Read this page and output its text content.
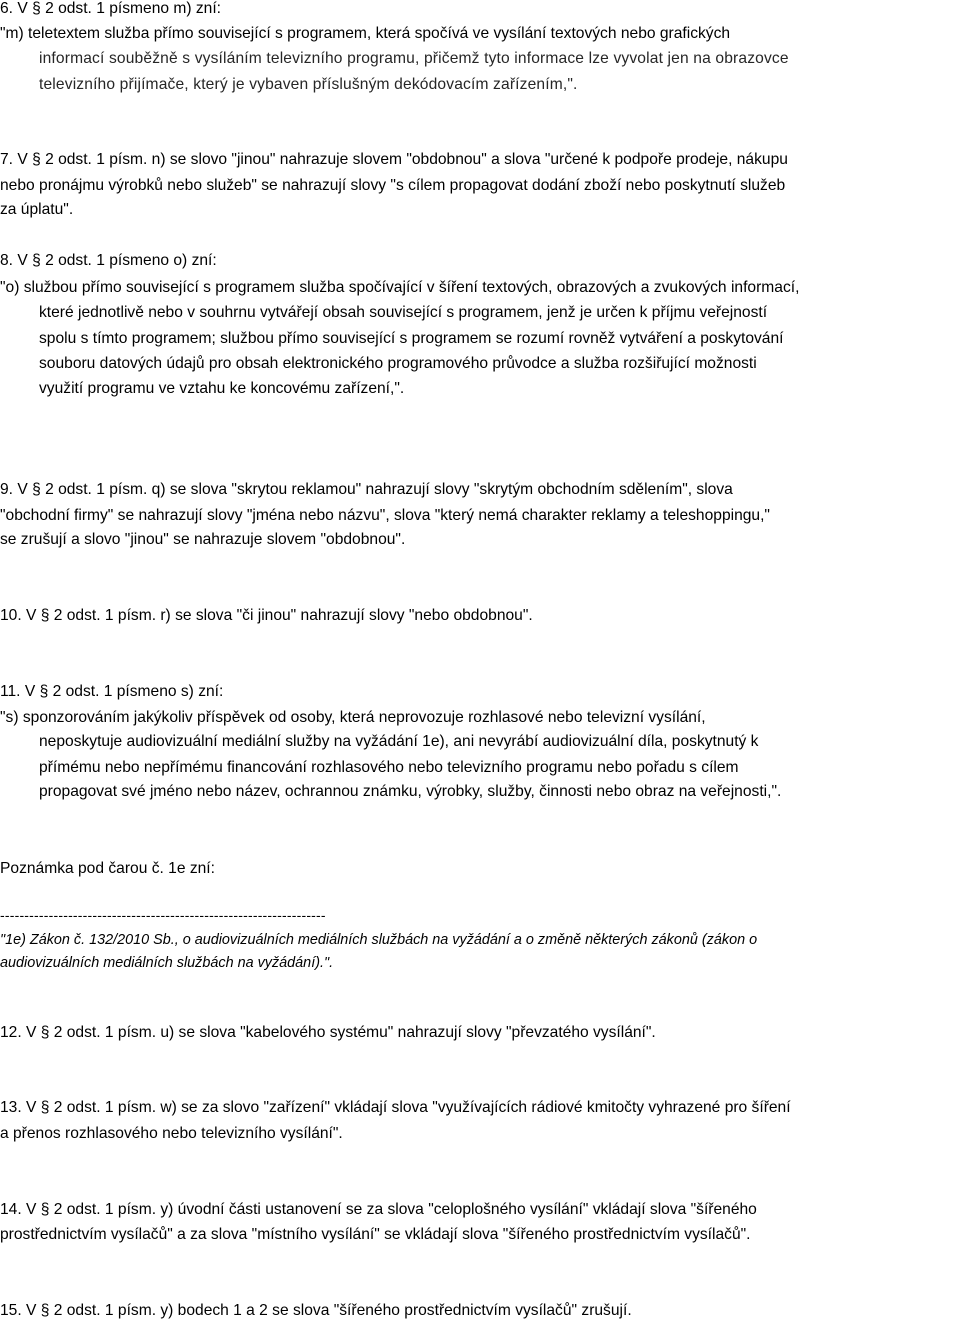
6. V § 2 odst. 1 písmeno m) zní:
"m) teletextem služba přímo související s programem, která spočívá ve vysílání textových nebo grafických
informací souběžně s vysíláním televizního programu, přičemž tyto informace lze vyvolat jen na obrazovce
televizního přijímače, který je vybaven příslušným dekódovacím zařízením,".
7. V § 2 odst. 1 písm. n) se slovo "jinou" nahrazuje slovem "obdobnou" a slova "určené k podpoře prodeje, nákupu
nebo pronájmu výrobků nebo služeb" se nahrazují slovy "s cílem propagovat dodání zboží nebo poskytnutí služeb
za úplatu".
8. V § 2 odst. 1 písmeno o) zní:
"o) službou přímo související s programem služba spočívající v šíření textových, obrazových a zvukových informací,
které jednotlivě nebo v souhrnu vytvářejí obsah související s programem, jenž je určen k příjmu veřejností
spolu s tímto programem; službou přímo související s programem se rozumí rovněž vytváření a poskytování
souboru datových údajů pro obsah elektronického programového průvodce a služba rozšiřující možnosti
využití programu ve vztahu ke koncovému zařízení,".
9. V § 2 odst. 1 písm. q) se slova "skrytou reklamou" nahrazují slovy "skrytým obchodním sdělením", slova
"obchodní firmy" se nahrazují slovy "jména nebo názvu", slova "který nemá charakter reklamy a teleshoppingu,"
se zrušují a slovo "jinou" se nahrazuje slovem "obdobnou".
10. V § 2 odst. 1 písm. r) se slova "či jinou" nahrazují slovy "nebo obdobnou".
11. V § 2 odst. 1 písmeno s) zní:
"s) sponzorováním jakýkoliv příspěvek od osoby, která neprovozuje rozhlasové nebo televizní vysílání,
neposkytuje audiovizuální mediální služby na vyžádání 1e), ani nevyrábí audiovizuální díla, poskytnutý k
přímému nebo nepřímému financování rozhlasového nebo televizního programu nebo pořadu s cílem
propagovat své jméno nebo název, ochrannou známku, výrobky, služby, činnosti nebo obraz na veřejnosti,".
Poznámka pod čarou č. 1e zní:
-------------------------------------------------------------------
"1e) Zákon č. 132/2010 Sb., o audiovizuálních mediálních službách na vyžádání a o změně některých zákonů (zákon o
audiovizuálních mediálních službách na vyžádání).".
12. V § 2 odst. 1 písm. u) se slova "kabelového systému" nahrazují slovy "převzatého vysílání".
13. V § 2 odst. 1 písm. w) se za slovo "zařízení" vkládají slova "využívajících rádiové kmitočty vyhrazené pro šíření
a přenos rozhlasového nebo televizního vysílání".
14. V § 2 odst. 1 písm. y) úvodní části ustanovení se za slova "celoplošného vysílání" vkládají slova "šířeného
prostřednictvím vysílačů" a za slova "místního vysílání" se vkládají slova "šířeného prostřednictvím vysílačů".
15. V § 2 odst. 1 písm. y) bodech 1 a 2 se slova "šířeného prostřednictvím vysílačů" zrušují.
